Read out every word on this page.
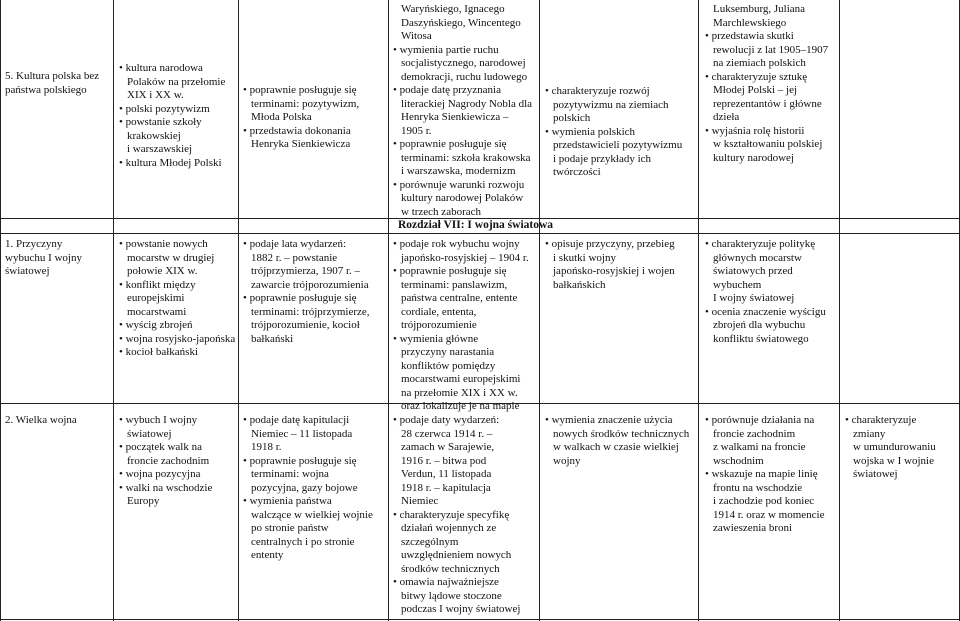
Rozdział VII: I wojna światowa
5. Kultura polska bez
państwa polskiego
• kultura narodowa
Polaków na przełomie
XIX i XX w.
• polski pozytywizm
• powstanie szkoły
krakowskiej
i warszawskiej
• kultura Młodej Polski
• poprawnie posługuje się
terminami: pozytywizm,
Młoda Polska
• przedstawia dokonania
Henryka Sienkiewicza
Waryńskiego, Ignacego
Daszyńskiego, Wincentego
Witosa
• wymienia partie ruchu
socjalistycznego, narodowej
demokracji, ruchu ludowego
• podaje datę przyznania
literackiej Nagrody Nobla dla
Henryka Sienkiewicza –
1905 r.
• poprawnie posługuje się
terminami: szkoła krakowska
i warszawska, modernizm
• porównuje warunki rozwoju
kultury narodowej Polaków
w trzech zaborach
• charakteryzuje rozwój
pozytywizmu na ziemiach
polskich
• wymienia polskich
przedstawicieli pozytywizmu
i podaje przykłady ich
twórczości
Luksemburg, Juliana
Marchlewskiego
• przedstawia skutki
rewolucji z lat 1905–1907
na ziemiach polskich
• charakteryzuje sztukę
Młodej Polski – jej
reprezentantów i główne
dzieła
• wyjaśnia rolę historii
w kształtowaniu polskiej
kultury narodowej
1. Przyczyny
wybuchu I wojny
światowej
• powstanie nowych
mocarstw w drugiej
połowie XIX w.
• konflikt między
europejskimi
mocarstwami
• wyścig zbrojeń
• wojna rosyjsko-japońska
• kocioł bałkański
• podaje lata wydarzeń:
1882 r. – powstanie
trójprzymierza, 1907 r. –
zawarcie trójporozumienia
• poprawnie posługuje się
terminami: trójprzymierze,
trójporozumienie, kocioł
bałkański
• podaje rok wybuchu wojny
japońsko-rosyjskiej – 1904 r.
• poprawnie posługuje się
terminami: panslawizm,
państwa centralne, entente
cordiale, ententa,
trójporozumienie
• wymienia główne
przyczyny narastania
konfliktów pomiędzy
mocarstwami europejskimi
na przełomie XIX i XX w.
oraz lokalizuje je na mapie
• opisuje przyczyny, przebieg
i skutki wojny
japońsko-rosyjskiej i wojen
bałkańskich
• charakteryzuje politykę
głównych mocarstw
światowych przed
wybuchem
I wojny światowej
• ocenia znaczenie wyścigu
zbrojeń dla wybuchu
konfliktu światowego
2. Wielka wojna
•	wybuch I wojny
światowej
• początek walk na
froncie zachodnim
• wojna pozycyjna
• walki na wschodzie
Europy
• podaje datę kapitulacji
Niemiec – 11 listopada
1918 r.
• poprawnie posługuje się
terminami: wojna
pozycyjna, gazy bojowe
• wymienia państwa
walczące w wielkiej wojnie
po stronie państw
centralnych i po stronie
ententy
• podaje daty wydarzeń:
28 czerwca 1914 r. –
zamach w Sarajewie,
1916 r. – bitwa pod
Verdun, 11 listopada
1918 r. – kapitulacja
Niemiec
• charakteryzuje specyfikę
działań wojennych ze
szczególnym
uwzględnieniem nowych
środków technicznych
• omawia najważniejsze
bitwy lądowe stoczone
podczas I wojny światowej
• wymienia znaczenie użycia
nowych środków technicznych
w walkach w czasie wielkiej
wojny
• porównuje działania na
froncie zachodnim
z walkami na froncie
wschodnim
• wskazuje na mapie linię
frontu na wschodzie
i zachodzie pod koniec
1914 r. oraz w momencie
zawieszenia broni
• charakteryzuje
zmiany
w umundurowaniu
wojska w I wojnie
światowej
